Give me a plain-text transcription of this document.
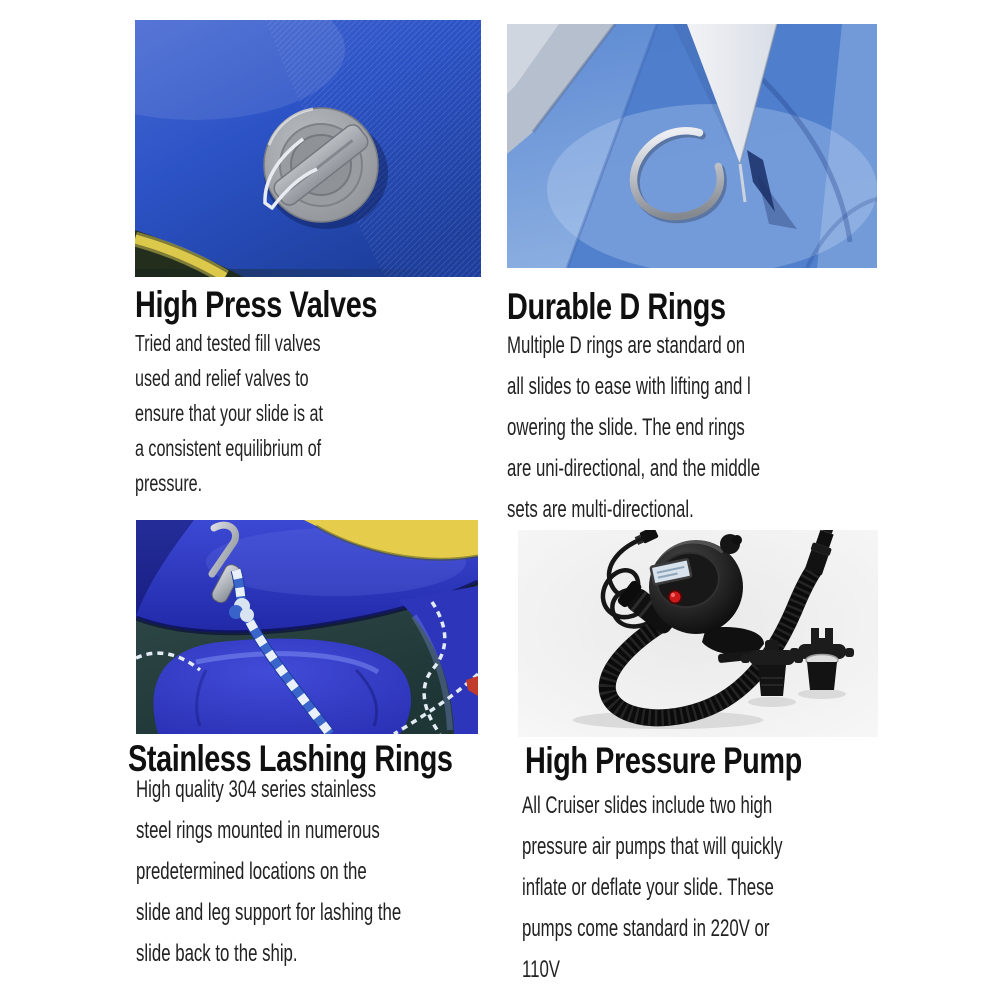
High Press Valves
Tried and tested fill valves
used and relief valves to
ensure that your slide is at
a consistent equilibrium of
pressure.
Durable D Rings
Multiple D rings are standard on
all slides to ease with lifting and l
owering the slide. The end rings
are uni-directional, and the middle
sets are multi-directional.
Stainless Lashing Rings
High quality 304 series stainless
steel rings mounted in numerous
predetermined locations on the
slide and leg support for lashing the
slide back to the ship.
High Pressure Pump
All Cruiser slides include two high
pressure air pumps that will quickly
inflate or deflate your slide. These
pumps come standard in 220V or
110V
